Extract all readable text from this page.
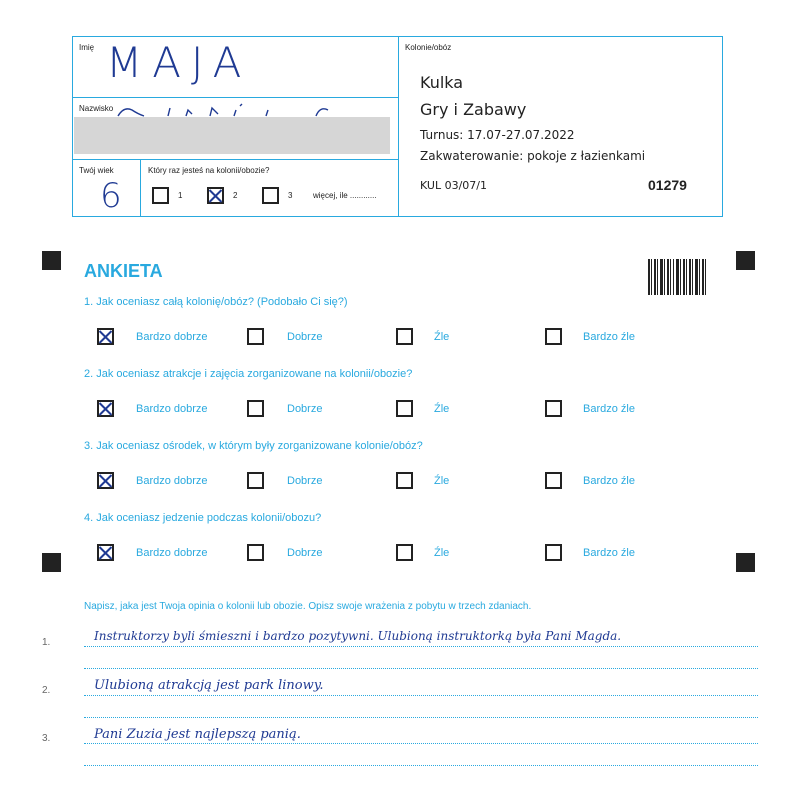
Imię MAJA
Nazwisko
Twój wiek
6
Który raz jesteś na kolonii/obozie?
1	2	3	więcej, ile ............
Kolonie/obóz
Kulka
Gry i Zabawy
Turnus: 17.07-27.07.2022
Zakwaterowanie: pokoje z łazienkami
KUL 03/07/1	01279
ANKIETA
1. Jak oceniasz całą kolonię/obóz? (Podobało Ci się?)
Bardzo dobrze	Dobrze	Źle	Bardzo źle
2. Jak oceniasz atrakcje i zajęcia zorganizowane na kolonii/obozie?
Bardzo dobrze	Dobrze	Źle	Bardzo źle
3. Jak oceniasz ośrodek, w którym były zorganizowane kolonie/obóz?
Bardzo dobrze	Dobrze	Źle	Bardzo źle
4. Jak oceniasz jedzenie podczas kolonii/obozu?
Bardzo dobrze	Dobrze	Źle	Bardzo źle
Napisz, jaka jest Twoja opinia o kolonii lub obozie. Opisz swoje wrażenia z pobytu w trzech zdaniach.
1.	Instruktorzy byli śmieszni i bardzo pozytywni. Ulubioną instruktorką była Pani Magda.
2.	Ulubioną atrakcją jest park linowy.
3.	Pani Zuzia jest najlepszą panią.
